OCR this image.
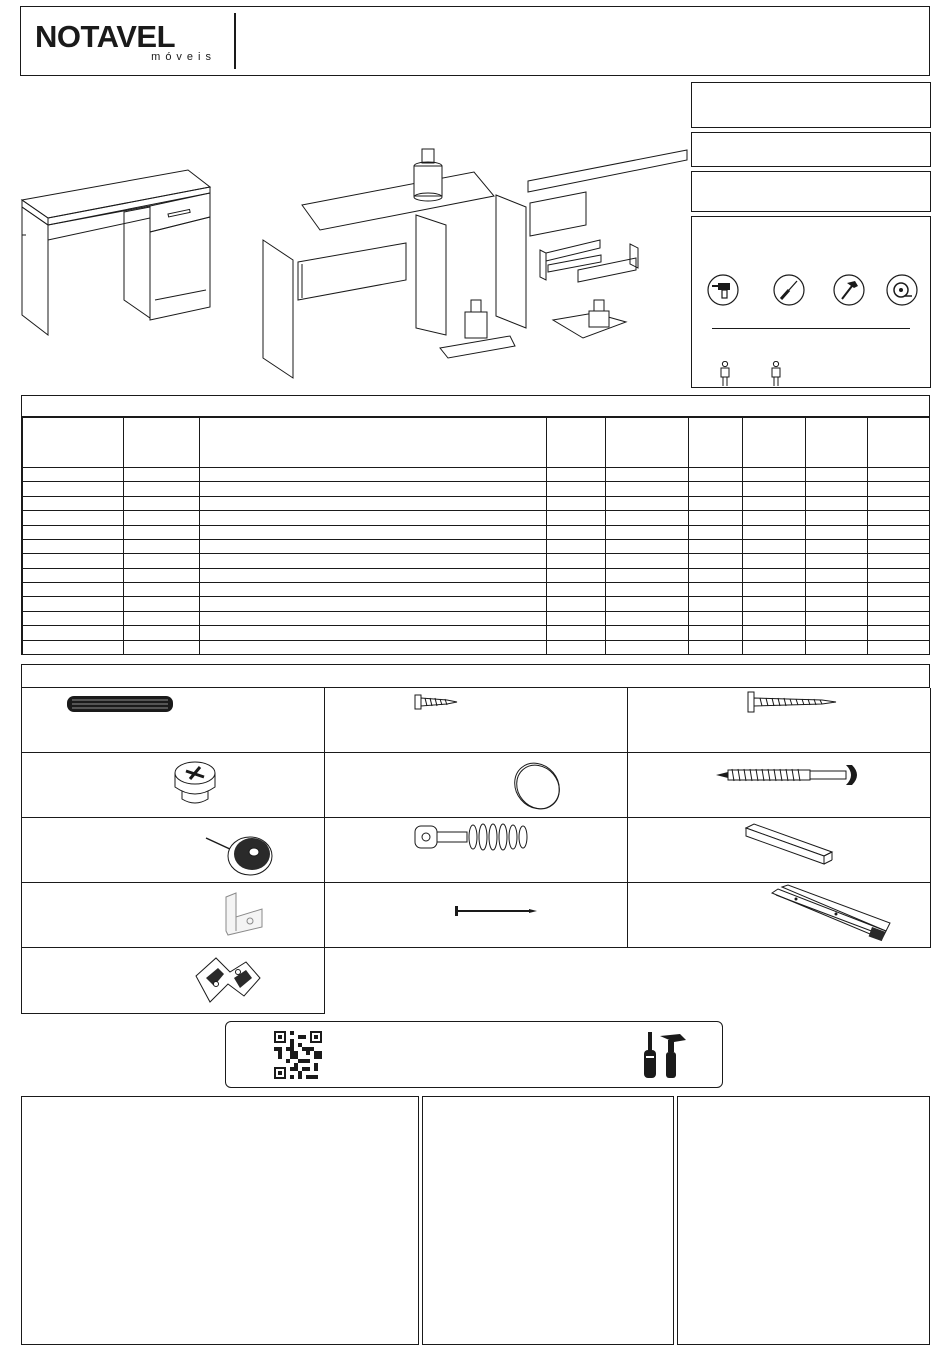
NOTAVEL
móveis
